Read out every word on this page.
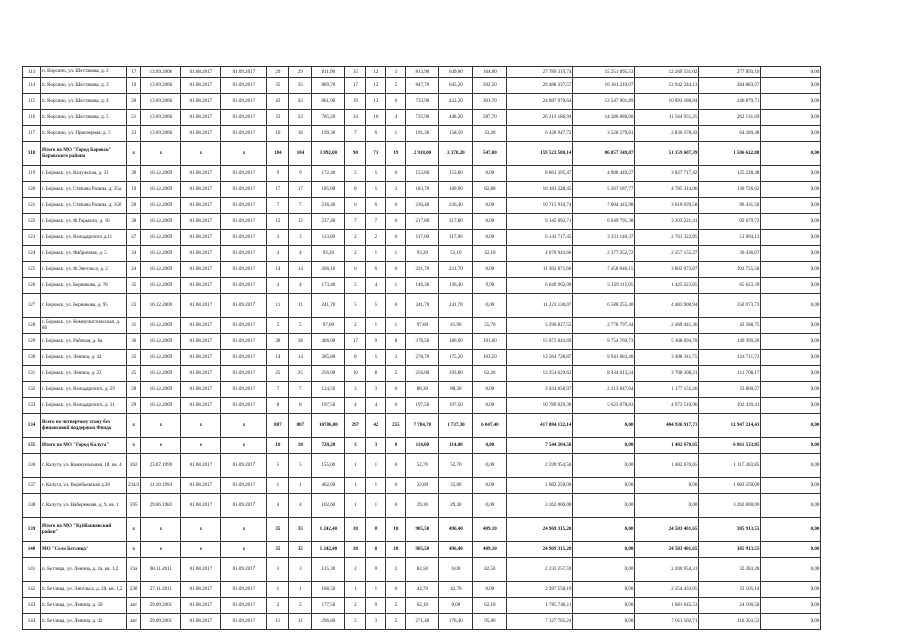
113	п. Ворсино, ул. Шестакова, д. 2	17	13.09.2006	01.08.2017	01.09.2017	29	29	811,90	15	12	3	813,90	649,90	164,00	27 789 319,74	15 251 095,53	12 269 331,02	277 893,19	0,00
114	п. Ворсино, ул. Шестакова, д. 3	19	13.09.2006	01.08.2017	01.09.2017	35	35	869,70	17	12	5	847,70	645,20	202,50	29 488 337,57	16 161 210,07	12 942 244,13	284 883,37	0,00
115	п. Ворсино, ул. Шестакова, д. 4	20	13.09.2006	01.08.2017	01.09.2017	43	43	861,90	19	13	6	733,90	432,20	301,70	24 687 970,64	13 547 901,89	10 893 188,84	246 879,71	0,00
116	п. Ворсино, ул. Шестакова, д. 5	21	13.09.2006	01.08.2017	01.09.2017	33	33	785,20	14	10	4	735,90	448,20	287,70	26 213 186,94	14 386 086,00	11 564 951,25	262 131,69	0,00
117	п. Ворсино, ул. Приозерная, д. 5	23	13.09.2006	01.08.2017	01.09.2017	16	16	199,30	7	6	1	191,30	158,10	33,20	6 428 947,72	3 528 279,81	2 836 378,43	64 289,48	0,00
118	Итого по МО "Город Боровск" Боровского района	x	x	x	x	184	184	3 892,00	90	71	19	2 918,00	2 370,20	547,80	159 523 580,14	86 857 349,87	51 159 607,39	1 506 622,88	0,00
119	г. Боровск, ул. Калужская, д. 31	30	10.12.2009	01.08.2017	01.09.2017	9	9	172,40	5	5	0	153,60	153,60	0,00	8 861 395,47	4 908 449,27	3 827 717,42	125 228,48	0,00
120	г. Боровск, ул. Степана Разина, д. 35а	19	10.12.2009	01.08.2017	01.09.2017	17	17	185,00	8	5	3	183,70	100,90	82,80	10 183 228,45	5 267 187,77	4 785 314,06	130 726,62	0,00
121	г. Боровск, ул. Степана Разина, д. 35б	26	10.12.2009	01.08.2017	01.09.2017	7	7	236,40	6	6	0	236,40	236,40	0,00	10 715 910,74	7 004 445,98	3 610 039,58	96 431,58	0,00
122	г. Боровск, ул. Ф.Горького, д. 16	38	10.12.2009	01.08.2017	01.09.2017	12	12	237,40	7	7	0	217,80	217,80	0,00	9 345 692,71	6 049 791,38	3 203 221,41	92 679,72	0,00
123	г. Боровск, ул. Володарского д.11	27	10.12.2009	01.08.2017	01.09.2017	3	3	113,00	2	2	0	117,00	117,00	0,00	6 143 717,45	3 331 140,37	2 761 322,95	51 094,13	0,00
124	г. Боровск, ул. Фабричная, д. 5	34	10.12.2009	01.08.2017	01.09.2017	4	4	93,20	2	1	1	93,20	51,10	42,10	4 670 943,66	2 377 352,72	2 257 155,27	36 436,07	0,00
125	г. Боровск, ул. Ф.Энгельса, д. 2	24	10.12.2009	01.08.2017	01.09.2017	14	14	266,10	6	6	0	231,70	231,70	0,00	11 362 871,60	7 458 040,15	3 802 073,87	102 755,58	0,00
126	г. Боровск, ул. Берникова, д. 78	35	10.12.2009	01.08.2017	01.09.2017	4	4	173,40	5	4	1	146,30	136,40	9,90	6 649 962,09	5 129 115,05	1 425 223,65	65 623,39	0,00
127	г. Боровск, ул. Берникова, д. 95	23	10.12.2009	01.08.2017	01.09.2017	11	11	241,70	5	5	0	241,70	241,70	0,00	11 223 130,07	6 588 255,40	4 483 900,94	150 973,73	0,00
128	г. Боровск, ул. Коммунистическая, д. 86	31	10.12.2009	01.08.2017	01.09.2017	5	5	97,60	2	1	1	97,60	41,90	55,70	5 290 827,55	2 778 797,44	2 469 441,36	42 588,75	0,00
129	г. Боровск, ул. Рабочая, д. 6а	36	10.12.2009	01.08.2017	01.09.2017	38	38	406,00	17	9	8	378,50	186,90	191,60	15 072 843,69	9 754 769,73	5 168 694,70	149 399,26	0,00
130	г. Боровск, ул. Ленина, д. 42	32	10.12.2009	01.08.2017	01.09.2017	14	14	285,80	8	5	3	278,70	175,20	103,50	13 564 728,87	9 941 683,40	3 498 341,75	124 711,72	0,00
131	г. Боровск, ул. Ленина, д. 22	25	10.12.2009	01.08.2017	01.09.2017	25	25	256,00	10	8	2	256,00	193,80	62,20	12 254 629,62	8 434 613,24	3 708 308,21	111 708,17	0,00
132	г. Боровск, ул. Володарского, д. 29	28	10.12.2009	01.08.2017	01.09.2017	7	7	124,50	3	3	0	88,30	88,30	0,00	3 424 658,97	2 213 647,64	1 177 151,26	33 860,27	0,00
133	г. Боровск, ул. Володарского, д. 31	29	10.12.2009	01.08.2017	01.09.2017	8	8	197,50	4	4	0	197,50	197,50	0,00	10 789 029,30	5 623 078,83	4 973 510,96	192 439,41	0,00
134	Всего по четвертому этапу без финансовой поддержки Фонда	x	x	x	x	807	807	10786,00	297	42	255	7 784,70	1 737,30	6 047,40	417 884 132,14	0,00	404 936 917,71	12 947 214,43	0,00
135	Итого по МО "Город Калуга"	x	x	x	x	10	10	720,20	3	3	0	114,00	114,00	0,00	7 544 204,50	0,00	1 482 670,65	6 061 533,85	0,00
136	г. Калуга, ул. Коммунальная, 18, кв. 4	262	23.07.1999	01.08.2017	01.09.2017	5	5	155,00	1	1	0	52,70	52,70	0,00	2 599 954,50	0,00	1 482 670,65	1 117 283,85	0,00
137	г. Калуга, ул. Воробьевская д.26	234/2	11.10.1994	01.08.2017	01.09.2017	1	1	462,60	1	1	0	32,00	32,00	0,00	1 682 250,00	0,00	0,00	1 682 250,00	0,00
138	г. Калуга, ул. Набережная, д. 9, кв. 1	595	29.06.1983	01.08.2017	01.09.2017	4	4	102,60	1	1	0	29,30	29,30	0,00	3 262 000,00	0,00	0,00	3 262 000,00	0,00
139	Итого по МО "Куйбышевский район"	x	x	x	x	35	35	1 242,40	18	8	10	905,50	496,40	409,10	24 969 315,20	0,00	24 583 401,65	385 913,55	0,00
140	МО "Село Бетлица"	x	x	x	x	35	35	1 242,40	18	8	10	905,50	496,40	409,10	24 969 315,20	0,00	24 583 401,65	385 913,55	0,00
141	п. Бетлица, ул. Ленина, д. 2а, кв. 1,2	23а	08.11.2011	01.08.2017	01.09.2017	3	3	125,30	2	0	2	82,50	0,00	82,50	2 233 257,59	0,00	2 200 954,31	32 283,28	0,00
142	п. Бетлица, ул. Энгельса, д. 28, кв. 1,2	23б	27.11.2011	01.08.2017	01.09.2017	1	1	168,50	1	1	0	42,70	42,70	0,00	2 287 558,19	0,00	2 254 433,05	33 105,14	0,00
143	п. Бетлица, ул. Ленина, д. 50	акт	29.09.2001	01.08.2017	01.09.2017	2	2	177,50	2	0	2	62,10	0,00	62,10	1 705 746,11	0,00	1 681 645,53	24 100,58	0,00
144	п. Бетлица, ул. Ленина, д. 42	акт	29.09.2001	01.08.2017	01.09.2017	11	11	296,80	5	3	2	271,40	176,40	95,00	7 127 705,24	0,00	7 011 502,71	116 203,53	0,00
